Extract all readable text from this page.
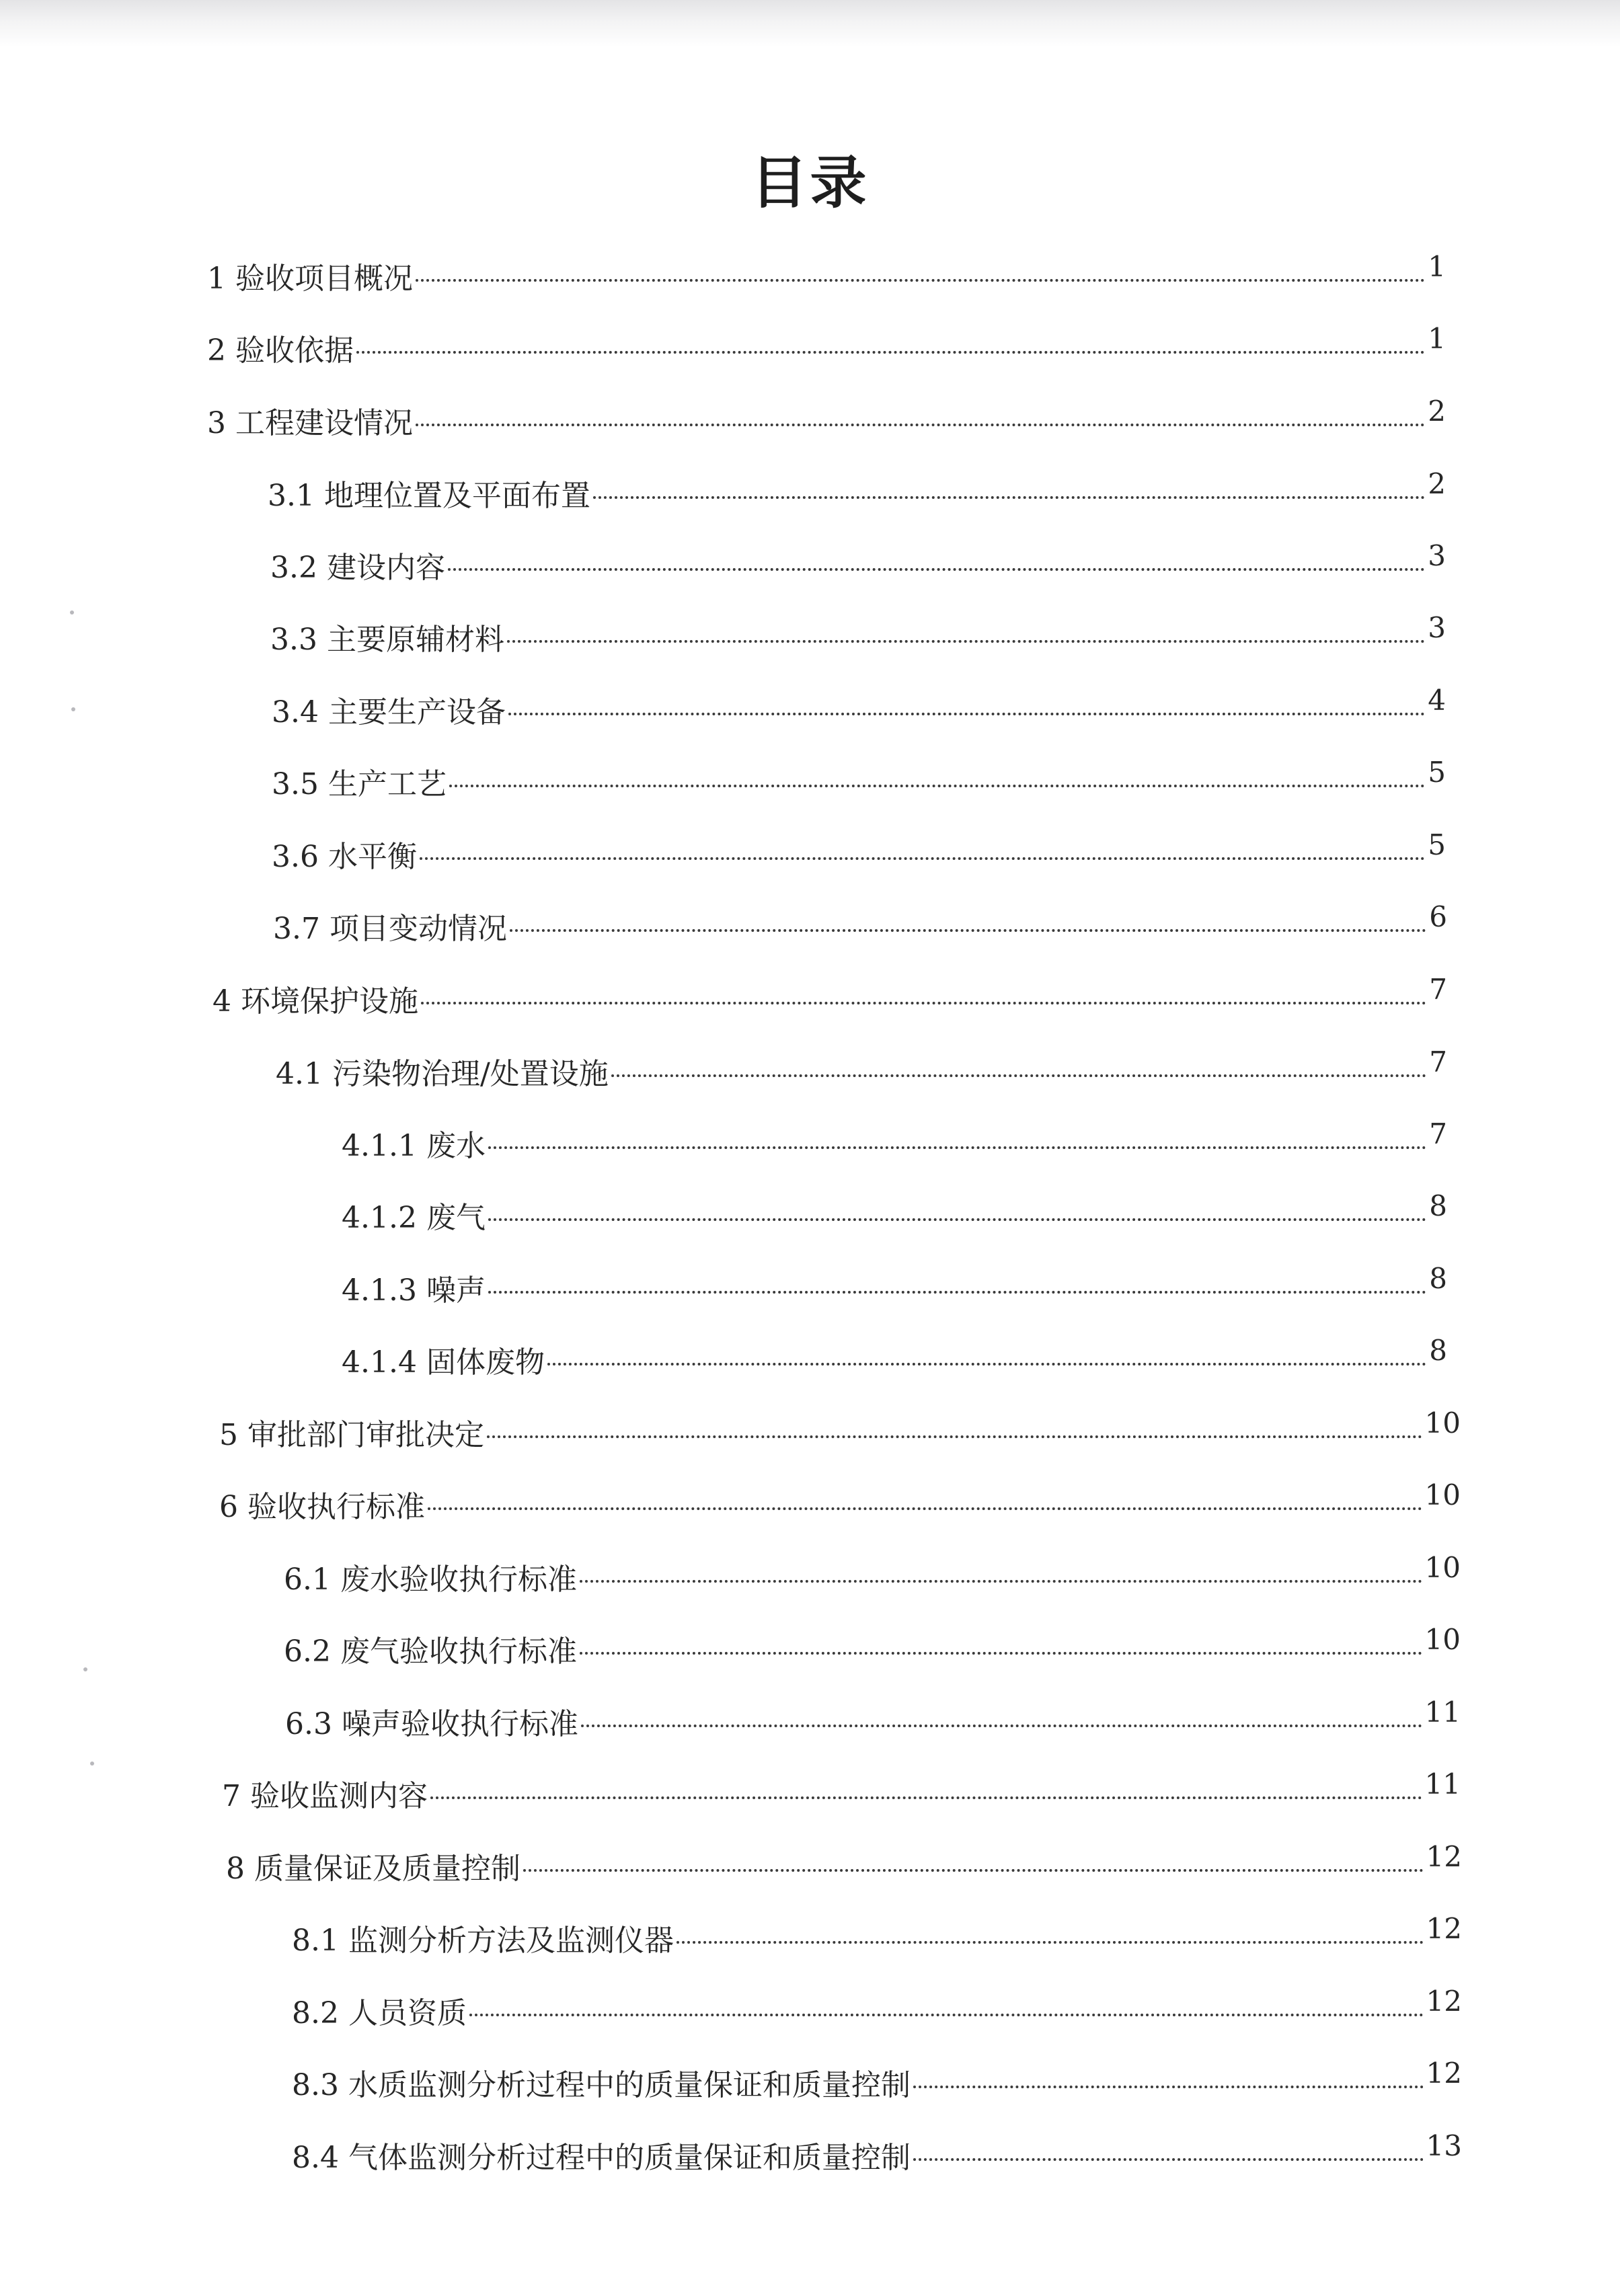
目录
1 验收项目概况	1
2 验收依据	1
3 工程建设情况	2
3.1 地理位置及平面布置	2
3.2 建设内容	3
3.3 主要原辅材料	3
3.4 主要生产设备	4
3.5 生产工艺	5
3.6 水平衡	5
3.7 项目变动情况	6
4 环境保护设施	7
4.1 污染物治理/处置设施	7
4.1.1 废水	7
4.1.2 废气	8
4.1.3 噪声	8
4.1.4 固体废物	8
5 审批部门审批决定	10
6 验收执行标准	10
6.1 废水验收执行标准	10
6.2 废气验收执行标准	10
6.3 噪声验收执行标准	11
7 验收监测内容	11
8 质量保证及质量控制	12
8.1 监测分析方法及监测仪器	12
8.2 人员资质	12
8.3 水质监测分析过程中的质量保证和质量控制	12
8.4 气体监测分析过程中的质量保证和质量控制	13
